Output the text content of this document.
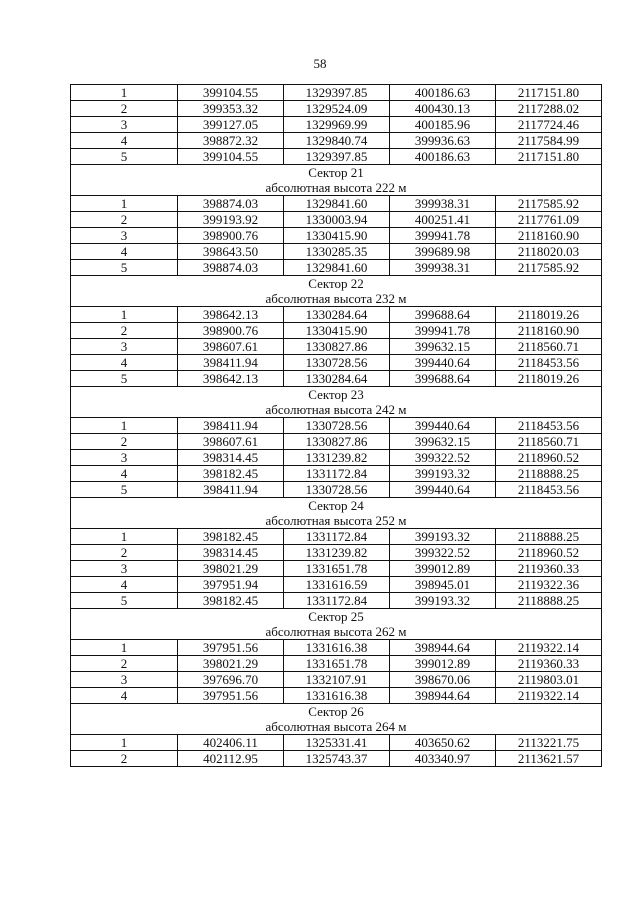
58
1	399104.55	1329397.85	400186.63	2117151.80
2	399353.32	1329524.09	400430.13	2117288.02
3	399127.05	1329969.99	400185.96	2117724.46
4	398872.32	1329840.74	399936.63	2117584.99
5	399104.55	1329397.85	400186.63	2117151.80
Сектор 21				
абсолютная высота 222 м				
1	398874.03	1329841.60	399938.31	2117585.92
2	399193.92	1330003.94	400251.41	2117761.09
3	398900.76	1330415.90	399941.78	2118160.90
4	398643.50	1330285.35	399689.98	2118020.03
5	398874.03	1329841.60	399938.31	2117585.92
Сектор 22				
абсолютная высота 232 м				
1	398642.13	1330284.64	399688.64	2118019.26
2	398900.76	1330415.90	399941.78	2118160.90
3	398607.61	1330827.86	399632.15	2118560.71
4	398411.94	1330728.56	399440.64	2118453.56
5	398642.13	1330284.64	399688.64	2118019.26
Сектор 23				
абсолютная высота 242 м				
1	398411.94	1330728.56	399440.64	2118453.56
2	398607.61	1330827.86	399632.15	2118560.71
3	398314.45	1331239.82	399322.52	2118960.52
4	398182.45	1331172.84	399193.32	2118888.25
5	398411.94	1330728.56	399440.64	2118453.56
Сектор 24				
абсолютная высота 252 м				
1	398182.45	1331172.84	399193.32	2118888.25
2	398314.45	1331239.82	399322.52	2118960.52
3	398021.29	1331651.78	399012.89	2119360.33
4	397951.94	1331616.59	398945.01	2119322.36
5	398182.45	1331172.84	399193.32	2118888.25
Сектор 25				
абсолютная высота 262 м				
1	397951.56	1331616.38	398944.64	2119322.14
2	398021.29	1331651.78	399012.89	2119360.33
3	397696.70	1332107.91	398670.06	2119803.01
4	397951.56	1331616.38	398944.64	2119322.14
Сектор 26				
абсолютная высота 264 м				
1	402406.11	1325331.41	403650.62	2113221.75
2	402112.95	1325743.37	403340.97	2113621.57
